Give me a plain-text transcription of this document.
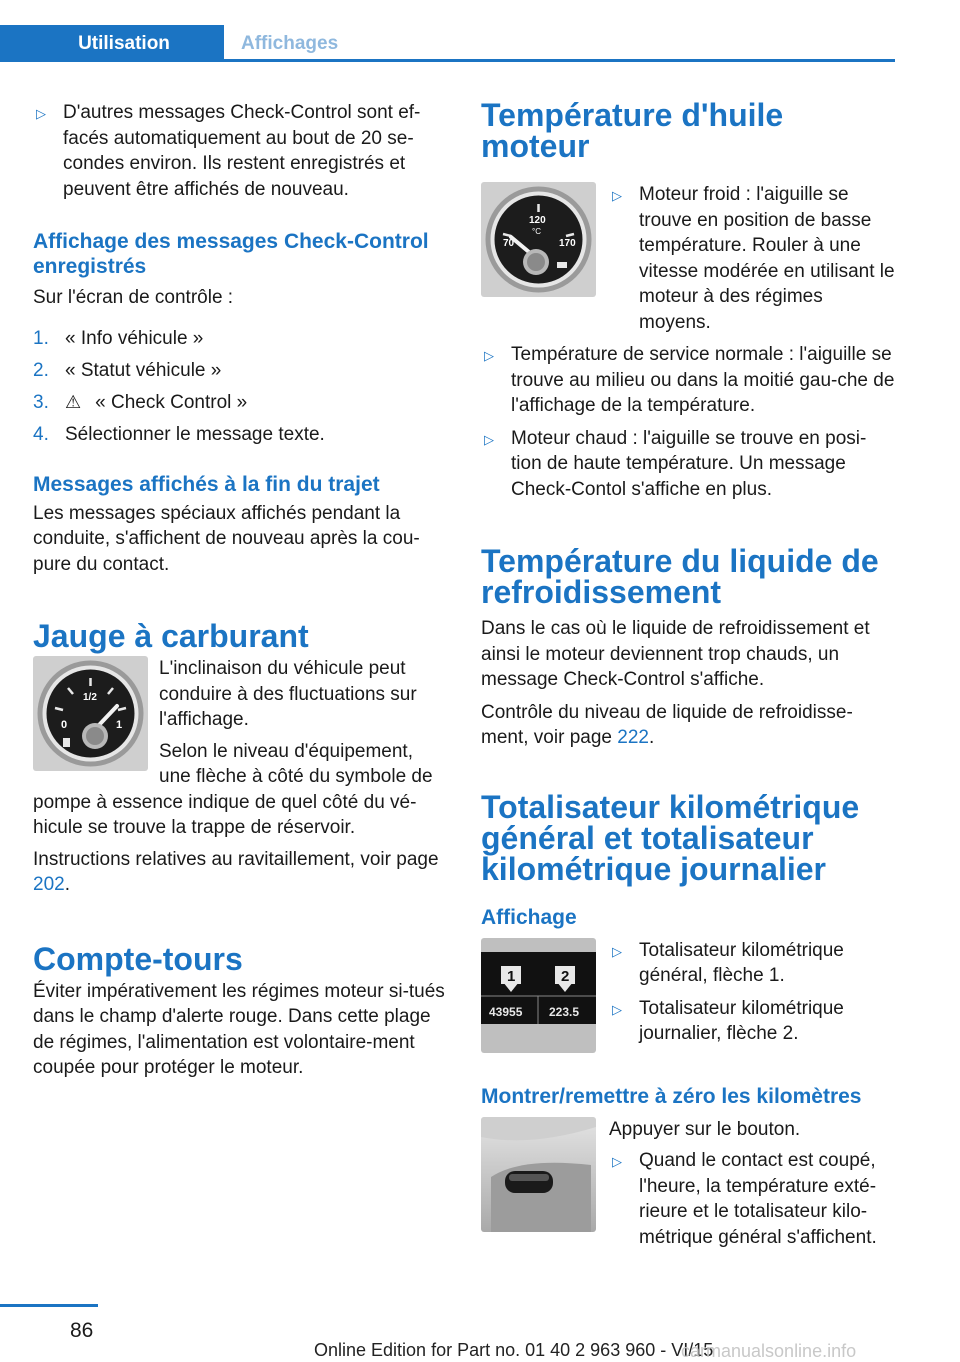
Utilisation	Affichages
▷ D'autres messages Check-Control sont ef-facés automatiquement au bout de 20 se-condes environ. Ils restent enregistrés et peuvent être affichés de nouveau.
Affichage des messages Check-Control enregistrés
Sur l'écran de contrôle :
1. « Info véhicule »
2. « Statut véhicule »
3. ⚠ « Check Control »
4. Sélectionner le message texte.
Messages affichés à la fin du trajet
Les messages spéciaux affichés pendant la conduite, s'affichent de nouveau après la cou-pure du contact.
Jauge à carburant
0
1/2
1
L'inclinaison du véhicule peut conduire à des fluctuations sur l'affichage.
Selon le niveau d'équipement, une flèche à côté du symbole de pompe à essence indique de quel côté du vé-hicule se trouve la trappe de réservoir.
Instructions relatives au ravitaillement, voir page 202.
Compte-tours
Éviter impérativement les régimes moteur si-tués dans le champ d'alerte rouge. Dans cette plage de régimes, l'alimentation est volontaire-ment coupée pour protéger le moteur.
Température d'huile moteur
70
120
°C
170
▷ Moteur froid : l'aiguille se trouve en position de basse température. Rouler à une vitesse modérée en utilisant le moteur à des régimes moyens.
▷ Température de service normale : l'aiguille se trouve au milieu ou dans la moitié gau-che de l'affichage de la température.
▷ Moteur chaud : l'aiguille se trouve en posi-tion de haute température. Un message Check-Contol s'affiche en plus.
Température du liquide de refroidissement
Dans le cas où le liquide de refroidissement et ainsi le moteur deviennent trop chauds, un message Check-Control s'affiche.
Contrôle du niveau de liquide de refroidisse-ment, voir page 222.
Totalisateur kilométrique général et totalisateur kilométrique journalier
Affichage
1	2
43955 223.5
▷ Totalisateur kilométrique général, flèche 1.
▷ Totalisateur kilométrique journalier, flèche 2.
Montrer/remettre à zéro les kilomètres
Appuyer sur le bouton.
▷ Quand le contact est coupé, l'heure, la température exté-rieure et le totalisateur kilo-métrique général s'affichent.
86
Online Edition for Part no. 01 40 2 963 960 - VI/15
carmanualsonline.info
